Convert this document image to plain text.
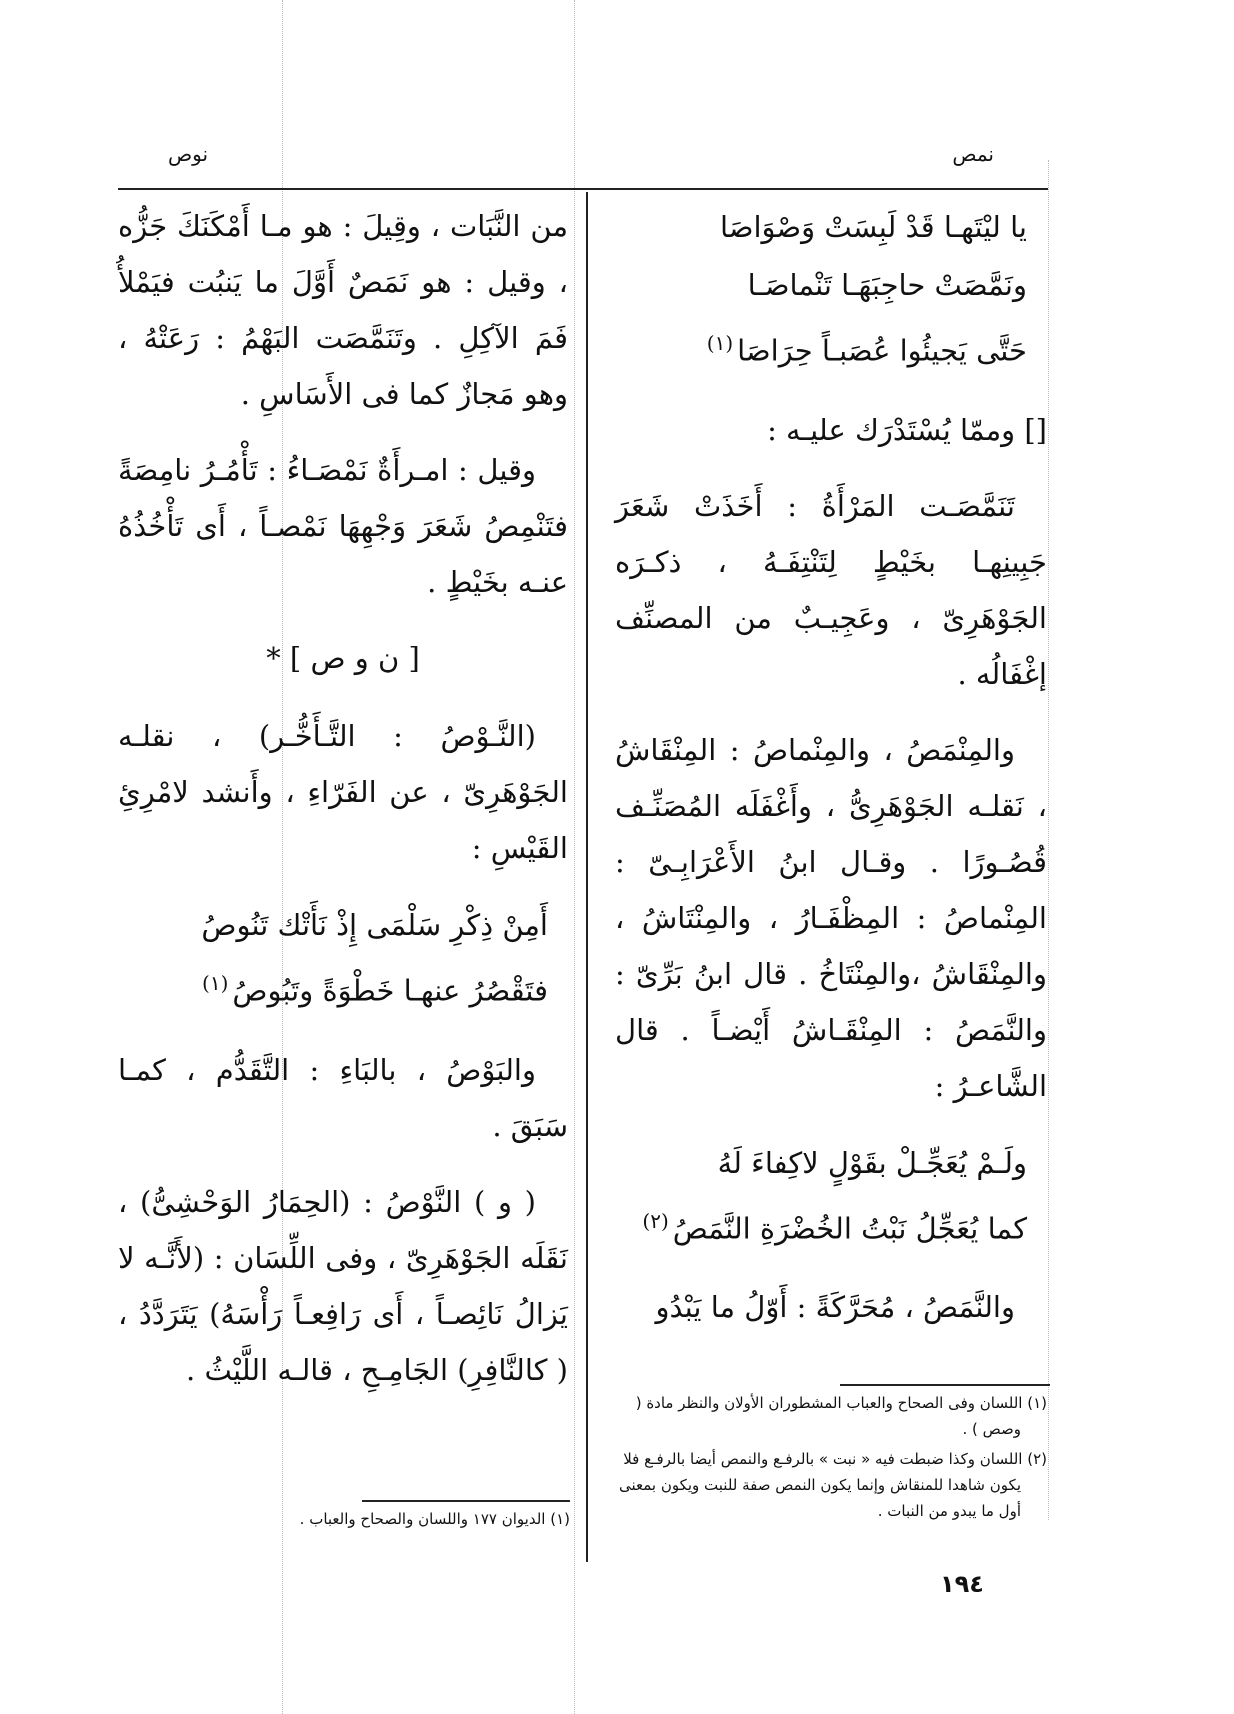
نمص
نوص

يا ليْتَهـا قَدْ لَبِسَتْ وَصْوَاصَا

ونَمَّصَتْ حاجِبَهَـا تَنْماصَـا

حَتَّى يَجيئُوا عُصَبـاً حِرَاصَا$^{(١)}$

[] وممّا يُسْتَدْرَك عليـه :

تَنَمَّصَـت المَرْأَةُ : أَخَذَتْ شَعَرَ جَبِينِهـا بخَيْطٍ لِتَنْتِفَـهُ ، ذكـرَه الجَوْهَرِىّ ، وعَجِيـبٌ من المصنِّف إغْفَالُه .

والمِنْمَصُ ، والمِنْماصُ : المِنْقَاشُ ، نَقلـه الجَوْهَرِىُّ ، وأَغْفَلَه المُصَنِّـف قُصُـورًا . وقـال ابنُ الأَعْرَابِـىّ : المِنْماصُ : المِظْفَـارُ ، والمِنْتَاشُ ، والمِنْقَاشُ ،والمِنْتَاخُ . قال ابنُ بَرِّىّ : والنَّمَصُ : المِنْقَـاشُ أَيْضـاً . قال الشَّاعـرُ :

ولَـمْ يُعَجِّـلْ بقَوْلٍ لاكِفاءَ لَهُ

كما يُعَجِّلُ نَبْتُ الخُضْرَةِ النَّمَصُ$^{(٢)}$

والنَّمَصُ ، مُحَرَّكَةً : أَوّلُ ما يَبْدُو

من النَّبَات ، وقِيلَ : هو مـا أَمْكَنَكَ جَزُّه ، وقيل : هو نَمَصٌ أَوَّلَ ما يَنبُت فيَمْلأُ فَمَ الآكِلِ . وتَنَمَّصَت البَهْمُ : رَعَتْهُ ، وهو مَجازٌ كما فى الأَسَاسِ .

وقيل : امـرأَةٌ نَمْصَـاءُ : تَأْمُـرُ نامِصَةً فتَنْمِصُ شَعَرَ وَجْهِهَا نَمْصـاً ، أَى تَأْخُذُهُ عنـه بخَيْطٍ .

[ ن و ص ] *

(النَّـوْصُ : التَّـأَخُّـر) ، نقلـه الجَوْهَرِىّ ، عن الفَرّاءِ ، وأَنشد لامْرِئِ القَيْسِ :

أَمِنْ ذِكْرِ سَلْمَى إِذْ نَأَتْك تَنُوصُ

فتَقْصُرُ عنهـا خَطْوَةً وتَبُوصُ$^{(١)}$

والبَوْصُ ، بالبَاءِ : التَّقَدُّم ، كمـا سَبَقَ .

( و ) النَّوْصُ : (الحِمَارُ الوَحْشِىُّ) ، نَقَلَه الجَوْهَرِىّ ، وفى اللِّسَان : (لأَنَّـه لا يَزالُ نَائِصـاً ، أَى رَافِعـاً رَأْسَهُ) يَتَرَدَّدُ ، ( كالنَّافِرِ) الجَامِـحِ ، قالـه اللَّيْثُ .

(١) اللسان وفى الصحاح والعباب المشطوران الأولان والنظر مادة ( وصص ) .

(٢) اللسان وكذا ضبطت فيه « نبت » بالرفـع والنمص أيضا بالرفـع فلا يكون شاهدا للمنقاش وإنما يكون النمص صفة للنبت ويكون بمعنى أول ما يبدو من النبات .

(١) الديوان ١٧٧ واللسان والصحاح والعباب .

١٩٤
